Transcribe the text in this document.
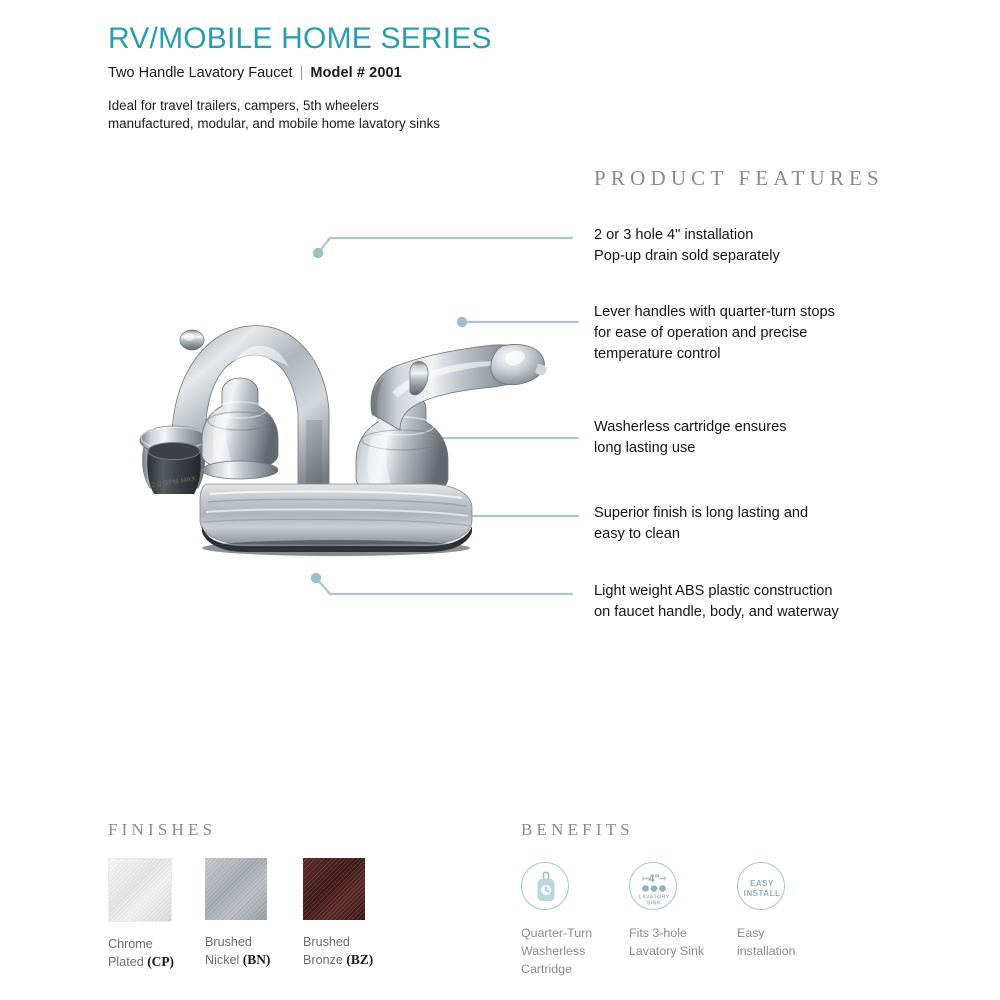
RV/MOBILE HOME SERIES
Two Handle Lavatory Faucet | Model # 2001
Ideal for travel trailers, campers, 5th wheelers
manufactured, modular, and mobile home lavatory sinks
PRODUCT FEATURES
FINISHES	BENEFITS
2 or 3 hole 4" installation
Pop-up drain sold separately
Lever handles with quarter-turn stops
for ease of operation and precise
temperature control
Washerless cartridge ensures
long lasting use
Superior finish is long lasting and
easy to clean
Light weight ABS plastic construction
on faucet handle, body, and waterway
2.0 GPM MAX
Chrome
Plated (CP)
Brushed
Nickel (BN)
Brushed
Bronze (BZ)
Quarter-Turn
Washerless
Cartridge
4"
LAVATORY
SINK
Fits 3-hole
Lavatory Sink
EASY
INSTALL
Easy
installation
